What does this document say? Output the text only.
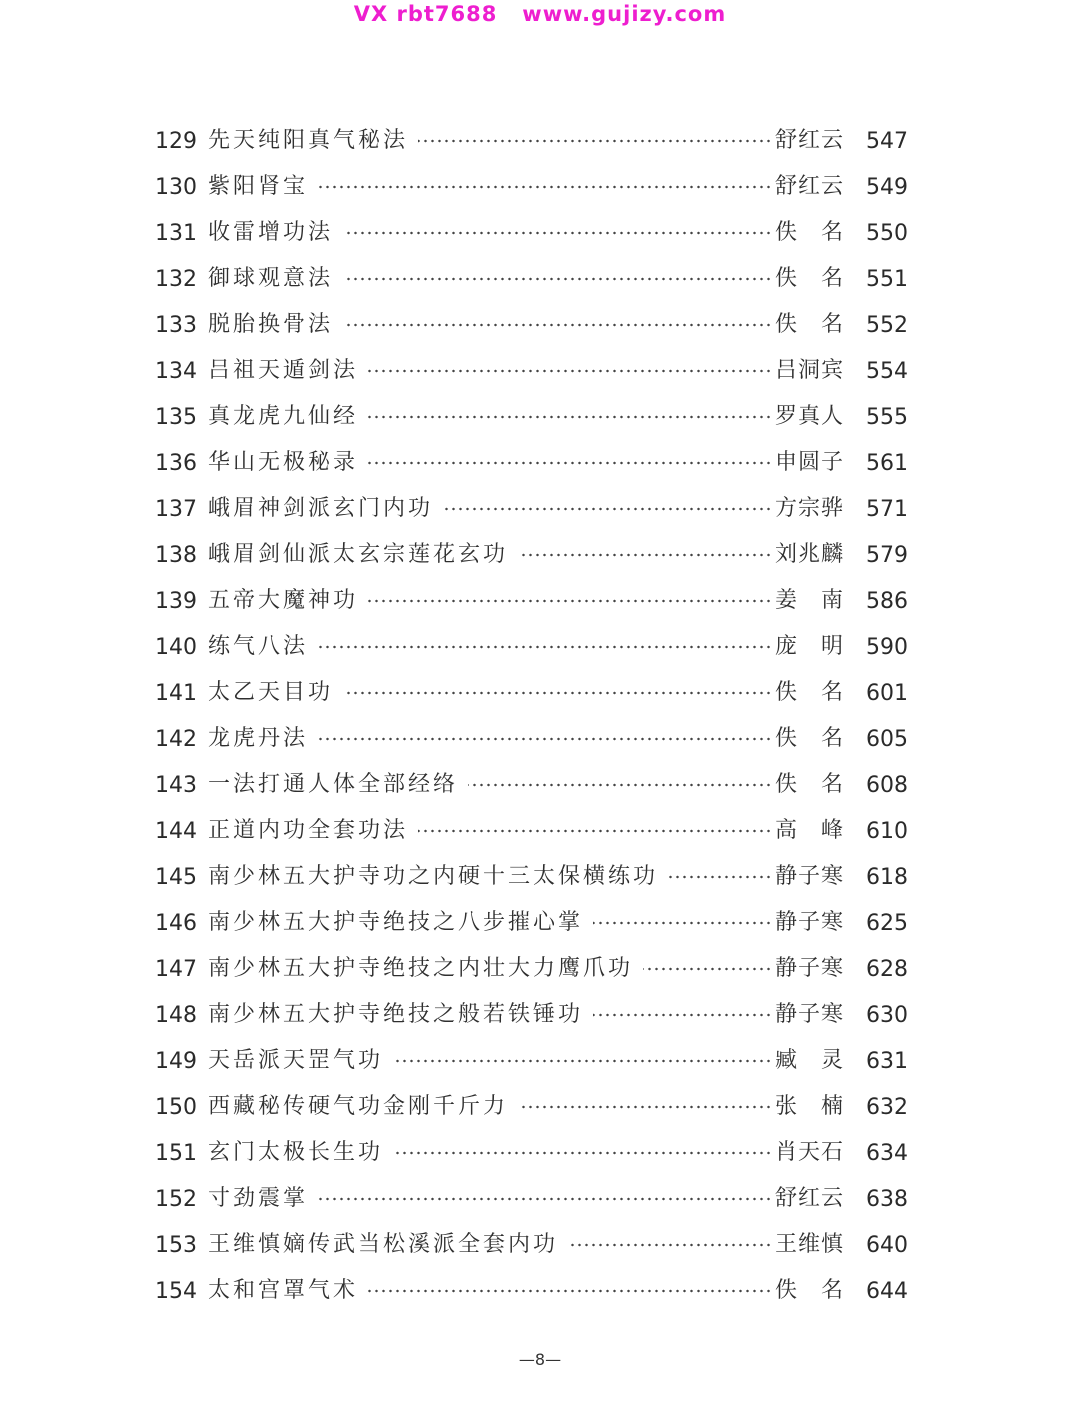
VX rbt7688   www.gujizy.com
129 先天纯阳真气秘法	舒红云 547
130 紫阳肾宝	舒红云 549
131 收雷增功法	佚 名 550
132 御球观意法	佚 名 551
133 脱胎换骨法	佚 名 552
134 吕祖天遁剑法	吕洞宾 554
135 真龙虎九仙经	罗真人 555
136 华山无极秘录	申圆子 561
137 峨眉神剑派玄门内功	方宗骅 571
138 峨眉剑仙派太玄宗莲花玄功	刘兆麟 579
139 五帝大魔神功	姜 南 586
140 练气八法	庞 明 590
141 太乙天目功	佚 名 601
142 龙虎丹法	佚 名 605
143 一法打通人体全部经络	佚 名 608
144 正道内功全套功法	高 峰 610
145 南少林五大护寺功之内硬十三太保横练功	静子寒 618
146 南少林五大护寺绝技之八步摧心掌	静子寒 625
147 南少林五大护寺绝技之内壮大力鹰爪功	静子寒 628
148 南少林五大护寺绝技之般若铁锤功	静子寒 630
149 天岳派天罡气功	臧 灵 631
150 西藏秘传硬气功金刚千斤力	张 楠 632
151 玄门太极长生功	肖天石 634
152 寸劲震掌	舒红云 638
153 王维慎嫡传武当松溪派全套内功	王维慎 640
154 太和宫罩气术	佚 名 644
—8—
